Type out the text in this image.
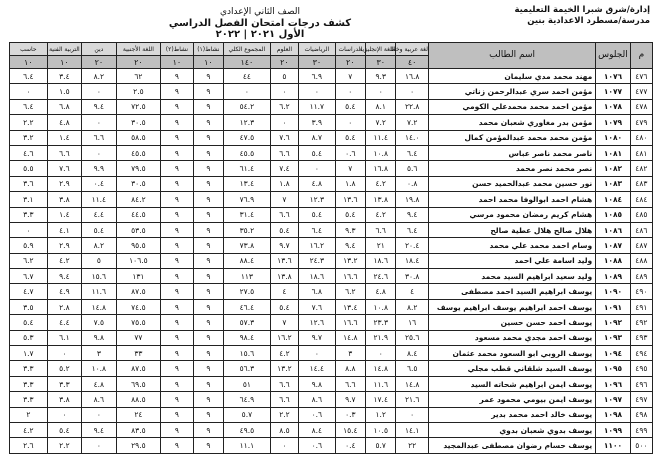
إدارة/شرق شبرا الخيمة التعليمية
مدرسة/مسطرد الاعدادية بنين
الصف الثاني الإعدادي
كشف درجات امتحان الفصل الدراسي الأول ٢٠٢١ | ٢٠٢٢
م	الجلوس	اسم الطالب	لغة عربية وخط	اللغة الإنجليزية	الدراسات	الرياضيات	العلوم	المجموع الكلي	نشاط(١)	نشاط(٢)	اللغة الأجنبية	دين	التربية الفنية	حاسب
			٤٠	٣٠	٢٠	٣٠	٢٠	١٤٠	١٠	١٠	٢٠	٢٠	١٠	١٠
٤٧٦	١٠٧٦	مهند محمد مدي سليمان	١٦.٨	٩.٣	٧	٦.٩	٥	٤٤	٩	٩	٦٢	٨.٢	٣.٤	٦.٤
٤٧٧	١٠٧٧	مؤمن احمد سري عبدالرحمن زناتي	٠	٠	٠	٠	٠	٠	٩	٩	٢.٥	٠	١.٥	٠
٤٧٨	١٠٧٨	مؤمن احمد محمد محمدعلي الكومي	٢٢.٨	٨.١	٥.٤	١١.٧	٦.٢	٥٤.٢	٩	٩	٧٢.٥	٩.٤	٦.٨	٦.٤
٤٧٩	١٠٧٩	مؤمن بدر مغاوري شعبان محمد	٧.٢	٧.٢	٠	٣.٩	٠	١٢.٣	٩	٩	٣٠.٥	٠	٤.٨	٢.٢
٤٨٠	١٠٨٠	مؤمن محمد محمد عبدالمؤمن كمال	١٤.٠	١١.٤	٥.٤	٨.٧	٧.٦	٤٧.٥	٩	٩	٥٨.٥	٦.٦	١.٤	٣.٢
٤٨١	١٠٨١	ناصر محمد ناصر عباس	٦.٤	١٠.٨	٠.٦	٥.٤	٦.٦	٤٥.٥	٩	٩	٤٥.٥	٠	٦.٦	٤.٦
٤٨٢	١٠٨٢	نصر محمد نصر محمد	٥.٦	١٦.٨	٧	٠	٧.٤	٦١.٤	٩	٩	٧٩.٥	٩.٩	٧.٦	٥.٥
٤٨٣	١٠٨٣	نور حسين محمد عبدالحميد حسن	٠.٨	٤.٢	١.٨	٤.٨	١.٨	١٣.٤	٩	٩	٣٠.٥	٠.٤	٢.٩	٣.٦
٤٨٤	١٠٨٤	هشام احمد ابوالوفا محمد احمد	١٩.٨	١٣.٨	١٣.٦	١٢.٣	٧	٧٦.٩	٩	٩	٨٤.٢	١١.٤	٣.٨	٣.١
٤٨٥	١٠٨٥	هشام كريم رمضان محمود مرسي	٩.٤	٤.٢	٥.٤	٥.٤	٦.٦	٣١.٤	٩	٩	٤٤.٥	٤.٤	١.٤	٣.٣
٤٨٦	١٠٨٦	هلال صالح هلال عطية صالح	٦.٤	٦.٦	٩.٣	٦.٤	٥.٤	٣٥.٢	٩	٩	٥٣.٥	٥.٤	٤.١	٠
٤٨٧	١٠٨٧	وسام احمد محمد علي محمد	٢٠.٤	٢١	٩.٤	١٦.٢	٩.٧	٧٣.٨	٩	٩	٩٥.٥	٨.٢	٢.٩	٥.٩
٤٨٨	١٠٨٨	وليد اسامة علي احمد	١٨.٤	١٨.٦	١٣.٢	٢٤.٣	١٣.٦	٨٨.٤	٩	٩	١٠٦.٥	٥	٤.٢	٦.٢
٤٨٩	١٠٨٩	وليد سعيد ابراهيم السيد محمد	٣٠.٨	٢٤.٦	١٦.٦	١٨.٦	١٣.٨	١١٣	٩	٩	١٣١	١٥.٦	٩.٤	٦.٧
٤٩٠	١٠٩٠	يوسف ابراهيم السيد احمد مصطفى	٤	٤.٨	٦.٢	٦.٨	٤	٢٧.٥	٩	٩	٨٧.٥	١١.٦	٤.٩	٤.٧
٤٩١	١٠٩١	يوسف احمد ابراهيم يوسف ابراهيم يوسف	٨.٢	١٠.٨	١٣.٤	٧.٦	٥.٤	٤٦.٤	٩	٩	٧٤.٥	١٤.٨	٢.٨	٣.٥
٤٩٢	١٠٩٢	يوسف احمد حسن حسين	١٦	٢٣.٣	١٦.٦	١٢.٦	٧	٥٧.٣	٩	٩	٧٥.٥	٧.٥	٤.٤	٥.٤
٤٩٣	١٠٩٣	يوسف احمد مجدي محمد مسعود	٢٥.٦	٢١.٩	١٤.٨	٩.٧	١٦.٢	٩٨.٤	٩	٩	٧٧	٩.٨	٦.١	٥.٣
٤٩٤	١٠٩٤	يوسف الروبي ابو السعود محمد عثمان	٨.٤	٠	٣	٠	٤.٢	١٥.٦	٩	٩	٣٣	٣	٠	١.٧
٤٩٥	١٠٩٥	يوسف السيد شلقاني قطب مجلي	٦.٥	١٤.٨	٨.٨	١٤.٤	١٣.٢	٥٦.٣	٩	٩	٨٧.٥	١٠.٨	٥.٢	٣.٣
٤٩٦	١٠٩٦	يوسف ايمن ابراهيم شحاته السيد	١٤.٨	١١.٦	٦.٦	٩.٨	٦.٦	٥١	٩	٩	٦٩.٥	٤.٨	٣.٣	٣.٣
٤٩٧	١٠٩٧	يوسف ايمن بيومي محمود عمر	٢١.٦	١٧.٤	٩.٧	٨.٦	٦.٦	٦٤.٩	٩	٩	٨٨.٥	٨.٦	٣.٨	٣.٣
٤٩٨	١٠٩٨	يوسف خالد احمد محمد بدير	٠	١.٢	٠.٣	٠.٦	٢.٢	٥.٧	٩	٩	٢٤	٠	٠	٢
٤٩٩	١٠٩٩	يوسف بدوي شعبان بدوي	١٤.١	١٠.٥	١٥.٤	٨.٤	٨.٥	٤٩.٥	٩	٩	٨٣.٥	٩.٤	٥.٤	٤.٢
٥٠٠	١١٠٠	يوسف حسام رضوان مصطفى عبدالمجيد	٢٢	٥.٧	٠.٤	٠.٦	٠	١١.١	٩	٩	٢٩.٥	٠	٢.٢	٢.٦
